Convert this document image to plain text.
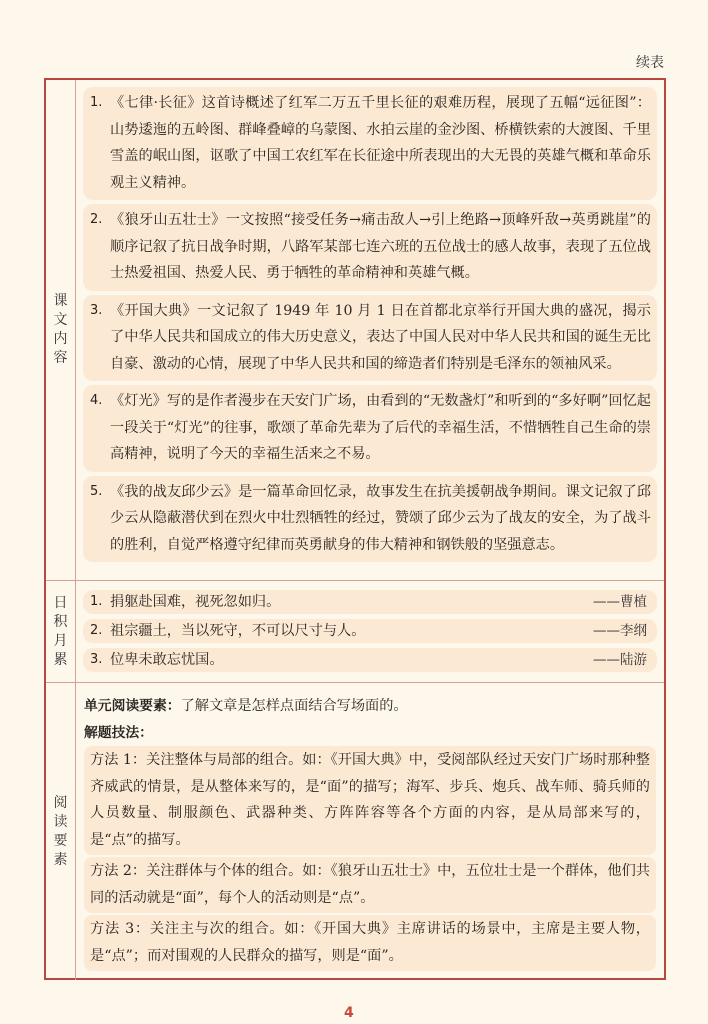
续表
课文内容
1. 《七律·长征》这首诗概述了红军二万五千里长征的艰难历程，展现了五幅“远征图”：山势逶迤的五岭图、群峰叠嶂的乌蒙图、水拍云崖的金沙图、桥横铁索的大渡图、千里雪盖的岷山图，讴歌了中国工农红军在长征途中所表现出的大无畏的英雄气概和革命乐观主义精神。
2. 《狼牙山五壮士》一文按照“接受任务→痛击敌人→引上绝路→顶峰歼敌→英勇跳崖”的顺序记叙了抗日战争时期，八路军某部七连六班的五位战士的感人故事，表现了五位战士热爱祖国、热爱人民、勇于牺牲的革命精神和英雄气概。
3. 《开国大典》一文记叙了 1949 年 10 月 1 日在首都北京举行开国大典的盛况，揭示了中华人民共和国成立的伟大历史意义，表达了中国人民对中华人民共和国的诞生无比自豪、激动的心情，展现了中华人民共和国的缔造者们特别是毛泽东的领袖风采。
4. 《灯光》写的是作者漫步在天安门广场，由看到的“无数盏灯”和听到的“多好啊”回忆起一段关于“灯光”的往事，歌颂了革命先辈为了后代的幸福生活，不惜牺牲自己生命的崇高精神，说明了今天的幸福生活来之不易。
5. 《我的战友邱少云》是一篇革命回忆录，故事发生在抗美援朝战争期间。课文记叙了邱少云从隐蔽潜伏到在烈火中壮烈牺牲的经过，赞颂了邱少云为了战友的安全，为了战斗的胜利，自觉严格遵守纪律而英勇献身的伟大精神和钢铁般的坚强意志。
日积月累
1. 捐躯赴国难，视死忽如归。	——曹植
2. 祖宗疆土，当以死守，不可以尺寸与人。	——李纲
3. 位卑未敢忘忧国。	——陆游
阅读要素
单元阅读要素：了解文章是怎样点面结合写场面的。
解题技法：
方法 1：关注整体与局部的组合。如：《开国大典》中，受阅部队经过天安门广场时那种整齐威武的情景，是从整体来写的，是“面”的描写；海军、步兵、炮兵、战车师、骑兵师的人员数量、制服颜色、武器种类、方阵阵容等各个方面的内容，是从局部来写的，是“点”的描写。
方法 2：关注群体与个体的组合。如：《狼牙山五壮士》中，五位壮士是一个群体，他们共同的活动就是“面”，每个人的活动则是“点”。
方法 3：关注主与次的组合。如：《开国大典》主席讲话的场景中，主席是主要人物，是“点”；而对围观的人民群众的描写，则是“面”。
4
